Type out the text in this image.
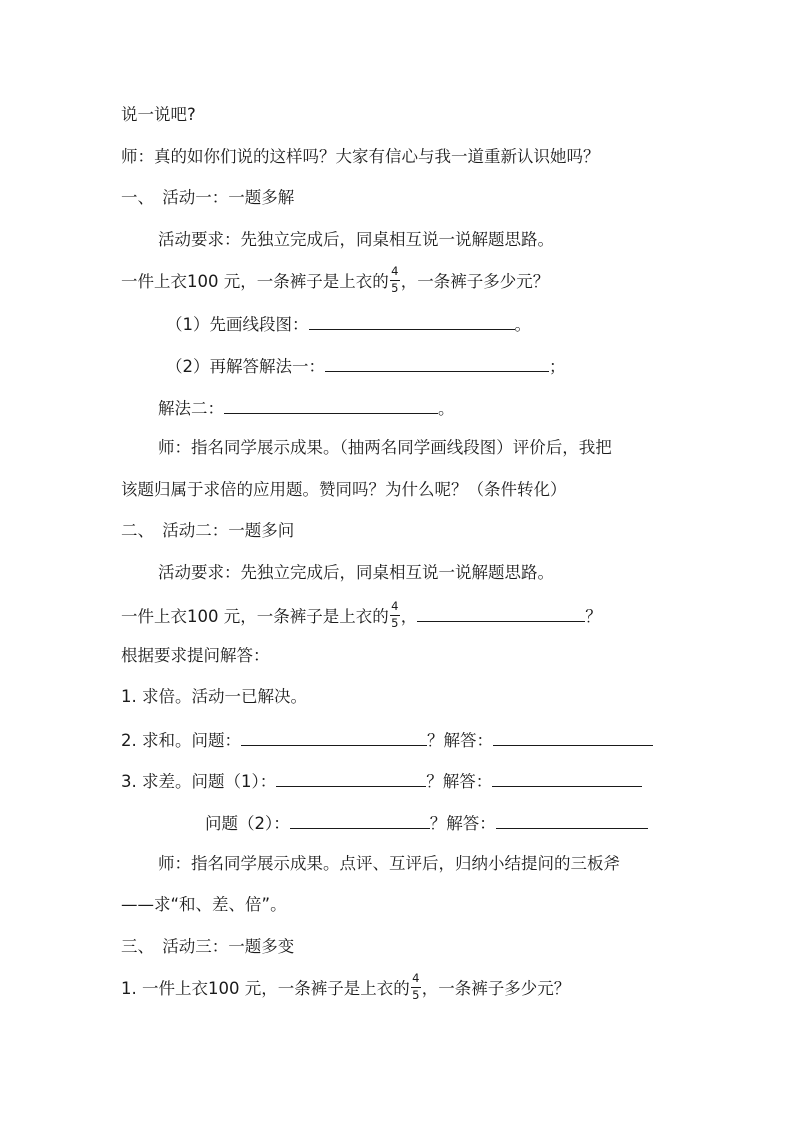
说一说吧?
师：真的如你们说的这样吗？大家有信心与我一道重新认识她吗？
一、　活动一：一题多解
活动要求：先独立完成后，同桌相互说一说解题思路。
一件上衣100 元，一条裤子是上衣的 $\frac{4}{5}$ ，一条裤子多少元？
（1）先画线段图：	。
（2）再解答解法一：	；
解法二：	。
师：指名同学展示成果。（抽两名同学画线段图）评价后，我把
该题归属于求倍的应用题。赞同吗？为什么呢？（条件转化）
二、　活动二：一题多问
活动要求：先独立完成后，同桌相互说一说解题思路。
一件上衣100 元，一条裤子是上衣的 $\frac{4}{5}$ ，	？
根据要求提问解答：
1. 求倍。活动一已解决。
2. 求和。问题：	？解答：
3. 求差。问题（1）：	？解答：
问题（2）：	？解答：
师：指名同学展示成果。点评、互评后，归纳小结提问的三板斧
——求“和、差、倍”。
三、　活动三：一题多变
1. 一件上衣100 元，一条裤子是上衣的 $\frac{4}{5}$ ，一条裤子多少元？
